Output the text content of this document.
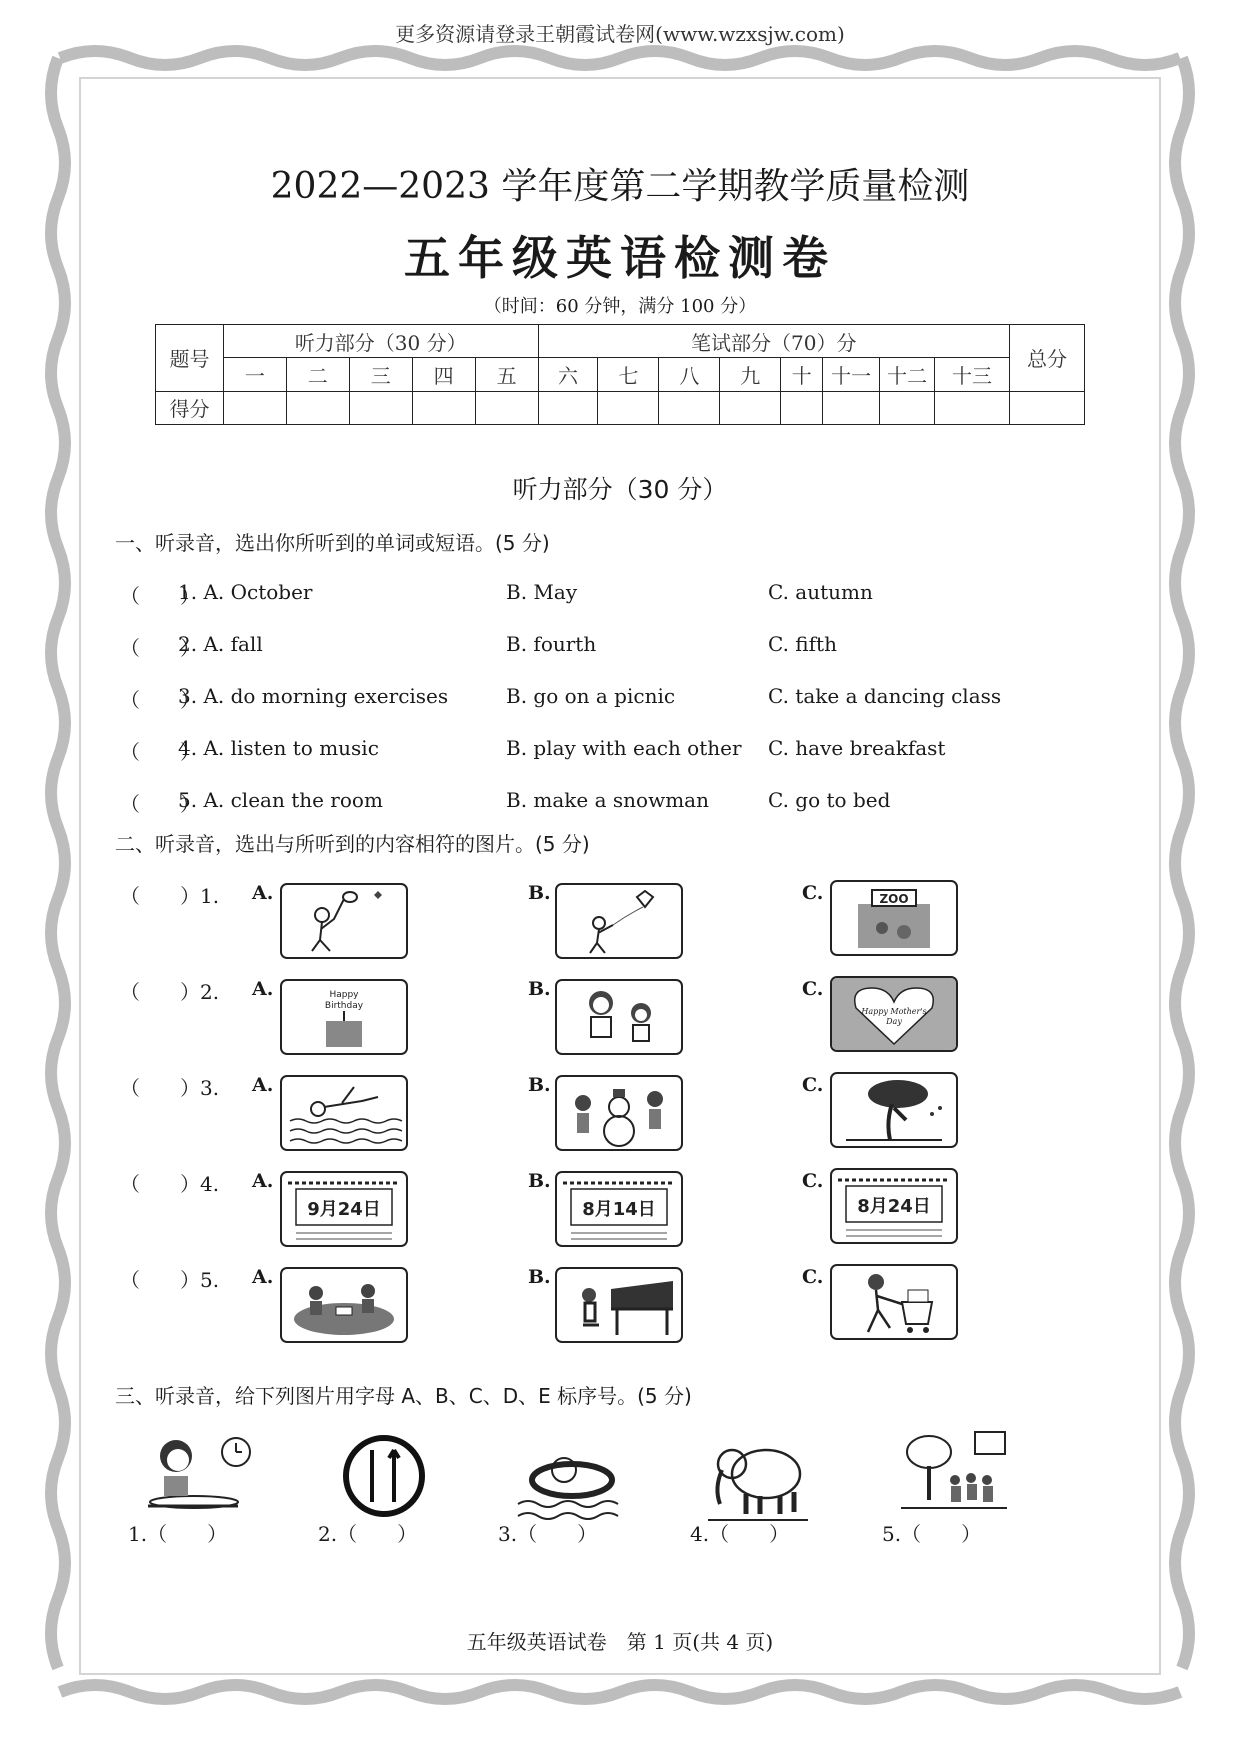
更多资源请登录王朝霞试卷网(www.wzxsjw.com)
2022—2023 学年度第二学期教学质量检测
五年级英语检测卷
（时间：60 分钟，满分 100 分）
题号	听力部分（30 分）					笔试部分（70）分								总分
	一	二	三	四	五	六	七	八	九	十	十一	十二	十三	
得分														
听力部分（30 分）
一、听录音，选出你所听到的单词或短语。(5 分)
（　　）
1. A. October	B. May	C. autumn
（　　）
2. A. fall	B. fourth	C. fifth
（　　）
3. A. do morning exercises	B. go on a picnic	C. take a dancing class
（　　）
4. A. listen to music	B. play with each other C. have breakfast
（　　）
5. A. clean the room	B. make a snowman	C. go to bed
二、听录音，选出与所听到的内容相符的图片。(5 分)
（　　）1. A.	B.	C.	ZOO
（　　）2. A.	Happy
Birthday
B.	C.
Happy Mother's
Day
（　　）3. A.	B.	C.
（　　）4. A.
9月24日
B.
8月14日
C.
8月24日
（　　）5. A.	B.	C.
三、听录音，给下列图片用字母 A、B、C、D、E 标序号。(5 分)
1.（　　）	2.（　　）	3.（　　）	4.（　　）	5.（　　）
五年级英语试卷　第 1 页(共 4 页)
